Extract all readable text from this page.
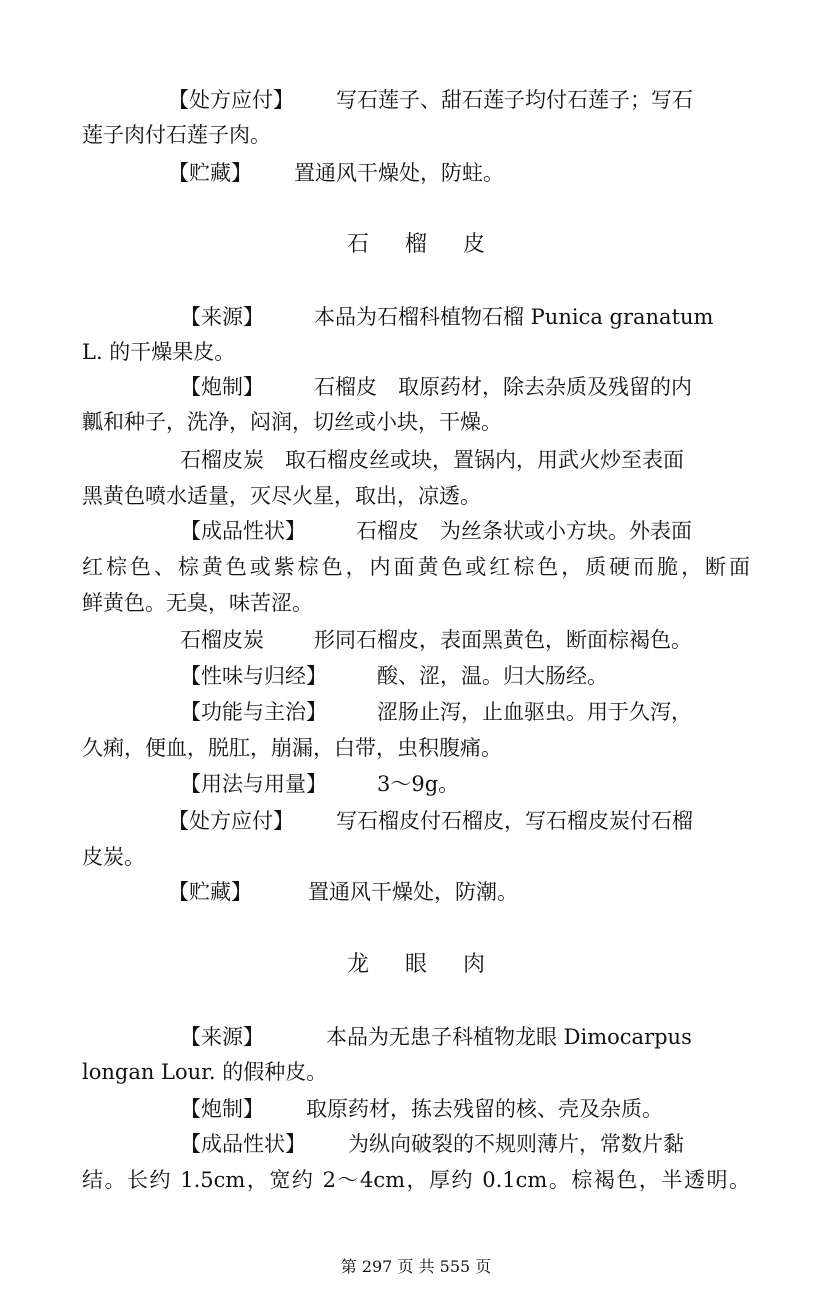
【处方应付】 写石莲子、甜石莲子均付石莲子；写石
莲子肉付石莲子肉。
【贮藏】 置通风干燥处，防蛀。
石 榴 皮
【来源】 本品为石榴科植物石榴 Punica granatum
L. 的干燥果皮。
【炮制】 石榴皮　取原药材，除去杂质及残留的内
瓤和种子，洗净，闷润，切丝或小块，干燥。
石榴皮炭　取石榴皮丝或块，置锅内，用武火炒至表面
黑黄色喷水适量，灭尽火星，取出，凉透。
【成品性状】 石榴皮　为丝条状或小方块。外表面
红棕色、棕黄色或紫棕色，内面黄色或红棕色，质硬而脆，断面
鲜黄色。无臭，味苦涩。
石榴皮炭 形同石榴皮，表面黑黄色，断面棕褐色。
【性味与归经】 酸、涩，温。归大肠经。
【功能与主治】 涩肠止泻，止血驱虫。用于久泻，
久痢，便血，脱肛，崩漏，白带，虫积腹痛。
【用法与用量】 3～9g。
【处方应付】 写石榴皮付石榴皮，写石榴皮炭付石榴
皮炭。
【贮藏】	置通风干燥处，防潮。
龙 眼 肉
【来源】	本品为无患子科植物龙眼 Dimocarpus
longan Lour. 的假种皮。
【炮制】 取原药材，拣去残留的核、壳及杂质。
【成品性状】 为纵向破裂的不规则薄片，常数片黏
结。长约 1.5cm，宽约 2～4cm，厚约 0.1cm。棕褐色，半透明。
第 297 页 共 555 页
